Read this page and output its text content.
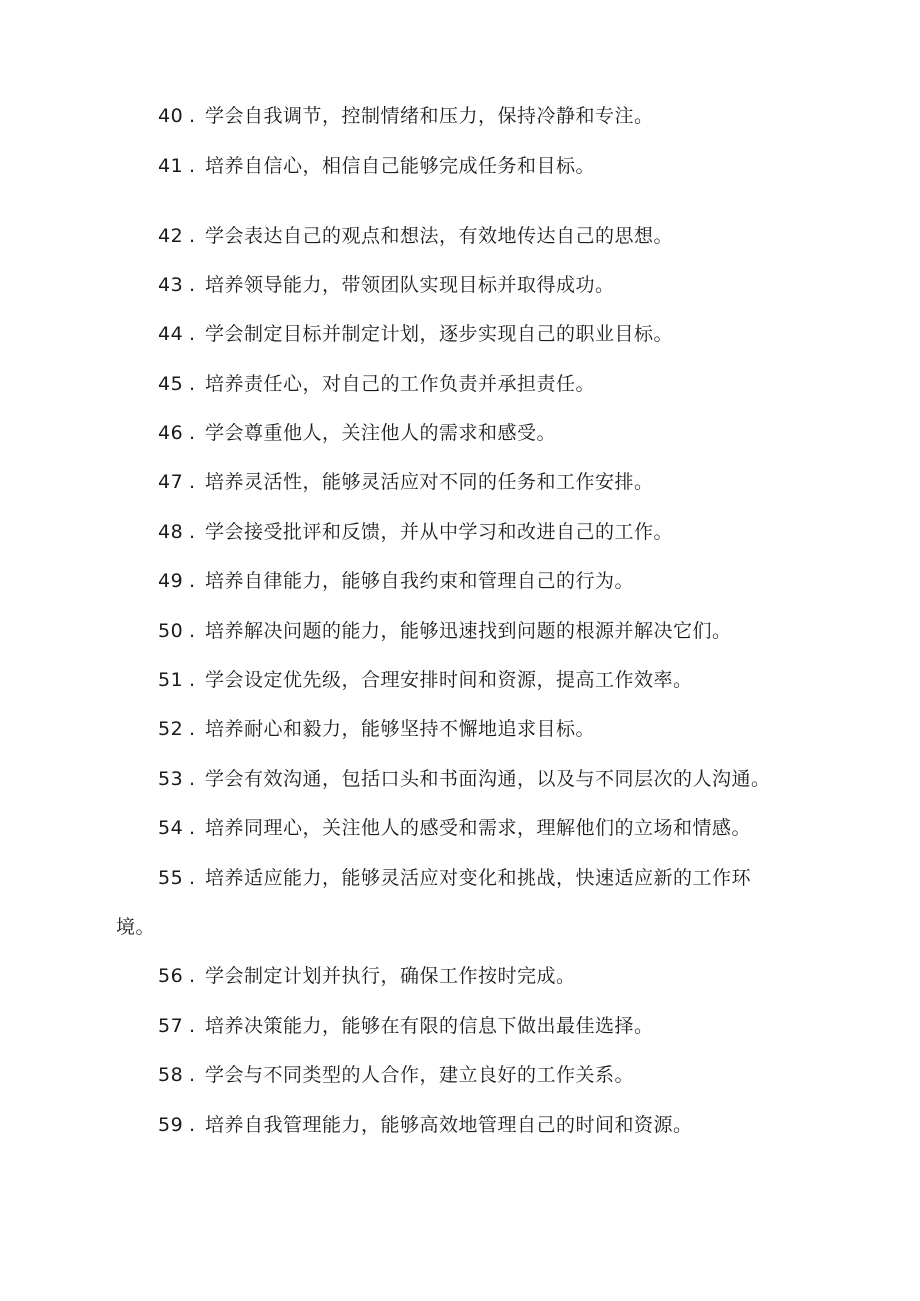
40 . 学会自我调节，控制情绪和压力，保持冷静和专注。
41 . 培养自信心，相信自己能够完成任务和目标。
42 . 学会表达自己的观点和想法，有效地传达自己的思想。
43 . 培养领导能力，带领团队实现目标并取得成功。
44 . 学会制定目标并制定计划，逐步实现自己的职业目标。
45 . 培养责任心，对自己的工作负责并承担责任。
46 . 学会尊重他人，关注他人的需求和感受。
47 . 培养灵活性，能够灵活应对不同的任务和工作安排。
48 . 学会接受批评和反馈，并从中学习和改进自己的工作。
49 . 培养自律能力，能够自我约束和管理自己的行为。
50 . 培养解决问题的能力，能够迅速找到问题的根源并解决它们。
51 . 学会设定优先级，合理安排时间和资源，提高工作效率。
52 . 培养耐心和毅力，能够坚持不懈地追求目标。
53 . 学会有效沟通，包括口头和书面沟通，以及与不同层次的人沟通。
54 . 培养同理心，关注他人的感受和需求，理解他们的立场和情感。
55 . 培养适应能力，能够灵活应对变化和挑战，快速适应新的工作环
境。
56 . 学会制定计划并执行，确保工作按时完成。
57 . 培养决策能力，能够在有限的信息下做出最佳选择。
58 . 学会与不同类型的人合作，建立良好的工作关系。
59 . 培养自我管理能力，能够高效地管理自己的时间和资源。
